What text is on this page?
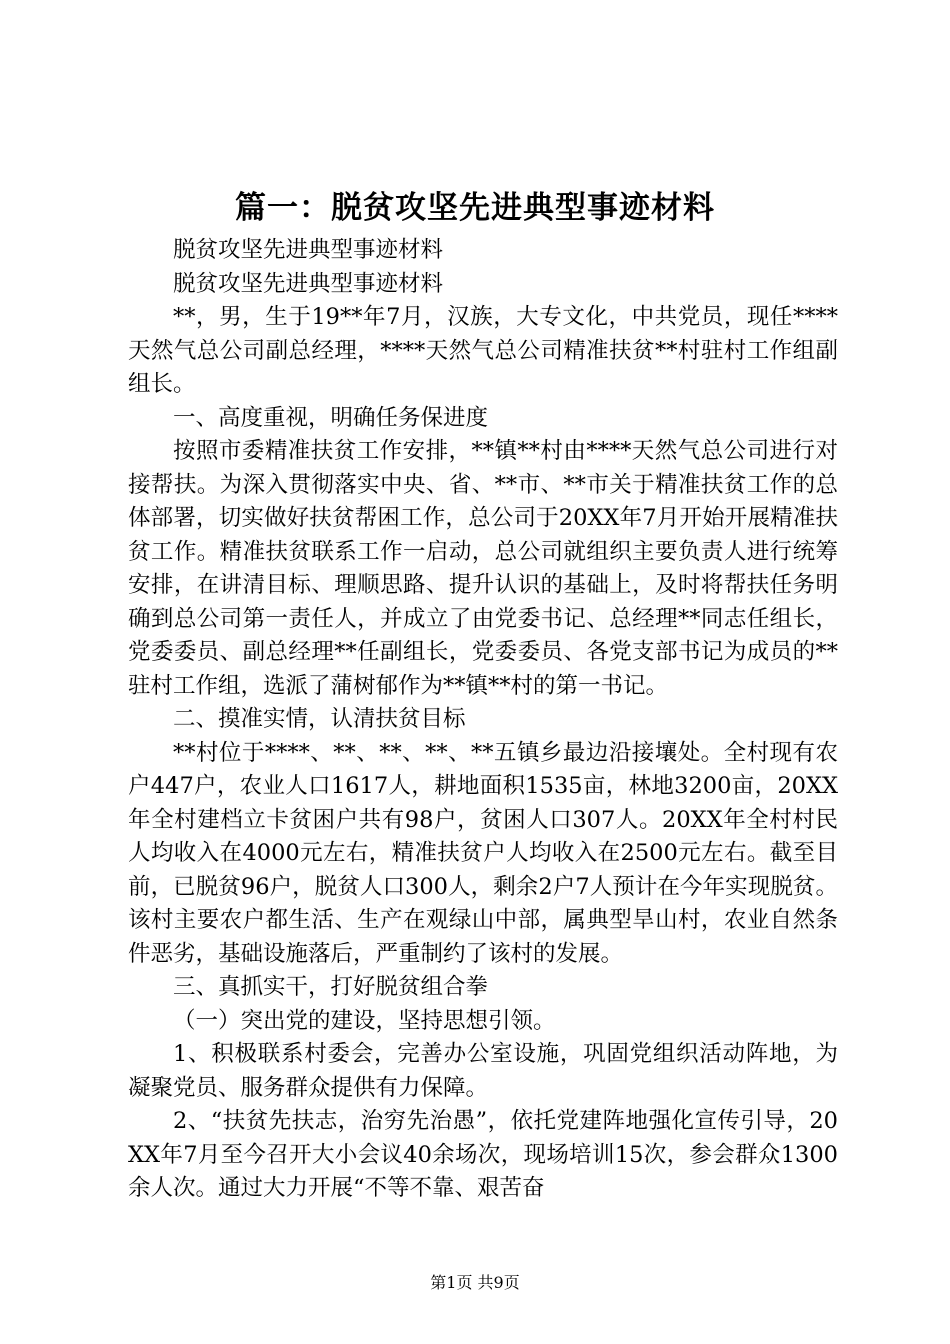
篇一：脱贫攻坚先进典型事迹材料

脱贫攻坚先进典型事迹材料

脱贫攻坚先进典型事迹材料

**，男，生于19**年7月，汉族，大专文化，中共党员，现任****天然气总公司副总经理，****天然气总公司精准扶贫**村驻村工作组副组长。

一、高度重视，明确任务保进度

按照市委精准扶贫工作安排，**镇**村由****天然气总公司进行对接帮扶。为深入贯彻落实中央、省、**市、**市关于精准扶贫工作的总体部署，切实做好扶贫帮困工作，总公司于20XX年7月开始开展精准扶贫工作。精准扶贫联系工作一启动，总公司就组织主要负责人进行统筹安排，在讲清目标、理顺思路、提升认识的基础上，及时将帮扶任务明确到总公司第一责任人，并成立了由党委书记、总经理**同志任组长，党委委员、副总经理**任副组长，党委委员、各党支部书记为成员的**驻村工作组，选派了蒲树郁作为**镇**村的第一书记。

二、摸准实情，认清扶贫目标

**村位于****、**、**、**、**五镇乡最边沿接壤处。全村现有农户447户，农业人口1617人，耕地面积1535亩，林地3200亩，20XX年全村建档立卡贫困户共有98户，贫困人口307人。20XX年全村村民人均收入在4000元左右，精准扶贫户人均收入在2500元左右。截至目前，已脱贫96户，脱贫人口300人，剩余2户7人预计在今年实现脱贫。该村主要农户都生活、生产在观绿山中部，属典型旱山村，农业自然条件恶劣，基础设施落后，严重制约了该村的发展。

三、真抓实干，打好脱贫组合拳

（一）突出党的建设，坚持思想引领。

1、积极联系村委会，完善办公室设施，巩固党组织活动阵地，为凝聚党员、服务群众提供有力保障。

2、“扶贫先扶志，治穷先治愚”，依托党建阵地强化宣传引导，20XX年7月至今召开大小会议40余场次，现场培训15次，参会群众1300余人次。通过大力开展“不等不靠、艰苦奋

第1页 共9页
